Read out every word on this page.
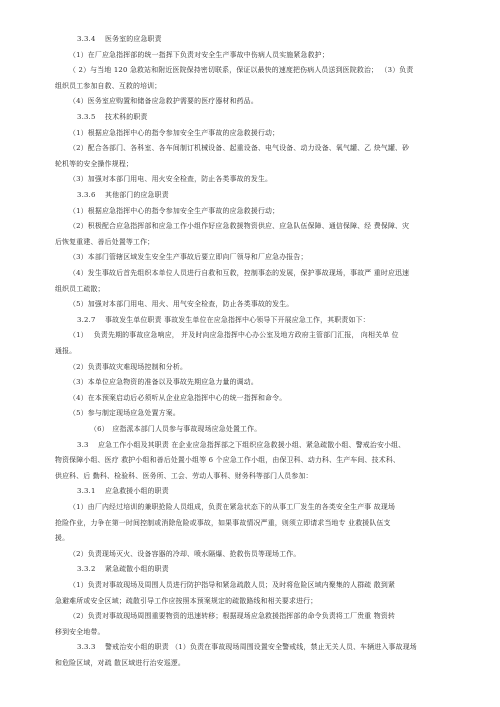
3.3.4　 医务室的应急职责
（1）在厂应急指挥部的统一指挥下负责对安全生产事故中伤病人员实施紧急救护；
（ 2）与当地 120 急救站和附近医院保持密切联系，保证以最快的速度把伤病人员送到医院救治； （3）负责
组织员工参加自救、互救的培训；
（4）医务室应购置和储备应急救护需要的医疗器材和药品。
3.3.5　 技术科的职责
（1）根据应急指挥中心的指令参加安全生产事故的应急救援行动；
（2）配合各部门、各科室、各车间制订机械设备、起重设备、电气设备、动力设备、氧气罐、乙 炔气罐、砂
轮机等的安全操作规程；
（3）加强对本部门用电、用火安全检查，防止各类事故的发生。
3.3.6　 其他部门的应急职责
（1）根据应急指挥中心的指令参加安全生产事故的应急救援行动；
（2）积极配合应急指挥部和应急工作小组作好应急救援物资供应、应急队伍保障、通信保障、经 费保障、灾
后恢复重建、善后处置等工作；
（3）本部门管辖区域发生安全生产事故后要立即向厂领导和厂应急办报告；
（4）发生事故后首先组织本单位人员进行自救和互救，控制事态的发展，保护事故现场，事故严 重时应迅速
组织员工疏散；
（5）加强对本部门用电、用火、用气安全检查，防止各类事故的发生。
3.2.7　 事故发生单位职责 事故发生单位在应急指挥中心领导下开展应急工作，其职责如下：
（1）　 负责先期的事故应急响应， 并及时向应急指挥中心办公室及地方政府主管部门汇报， 向相关单 位
通报。
（2）负责事故灾难现场控制和分析。
（3）本单位应急物资的准备以及事故先期应急力量的调动。
（4）在本预案启动后必须听从企业应急指挥中心的统一指挥和命令。
（5）参与制定现场应急处置方案。
（6）　应指派本部门人员参与事故现场应急处置工作。
3.3　 应急工作小组及其职责 在企业应急指挥部之下组织应急救援小组、紧急疏散小组、警戒治安小组、
物资保障小组、医疗 救护小组和善后处置小组等 6 个应急工作小组，由保卫科、动力科、生产车间、技术科、
供应科、后 勤科、检验科、医务所、工会、劳动人事科、财务科等部门人员参加：
3.3.1　 应急救援小组的职责
（1）由厂内经过培训的兼职抢险人员组成，负责在紧急状态下的从事工厂发生的各类安全生产事 故现场
抢险作业，力争在第一时间控制或消除危险或事故，如果事故情况严重，则须立即请求当地专 业救援队伍支
援。
（2）负责现场灭火、设备容器的冷却、喷水隔爆、抢救伤员等现场工作。
3.3.2　 紧急疏散小组的职责
（1）负责对事故现场及周围人员进行防护指导和紧急疏散人员；及时将危险区域内聚集的人群疏 散到紧
急避难所或安全区域；疏散引导工作应按照本预案规定的疏散路线和相关要求进行；
（2）负责对事故现场周围重要物资的迅速转移；根据现场应急救援指挥部的命令负责将工厂贵重 物资转
移到安全地带。
3.3.3　 警戒治安小组的职责 （1）负责在事故现场周围设置安全警戒线，禁止无关人员、车辆进入事故现场
和危险区域，对疏 散区域进行治安巡逻。
